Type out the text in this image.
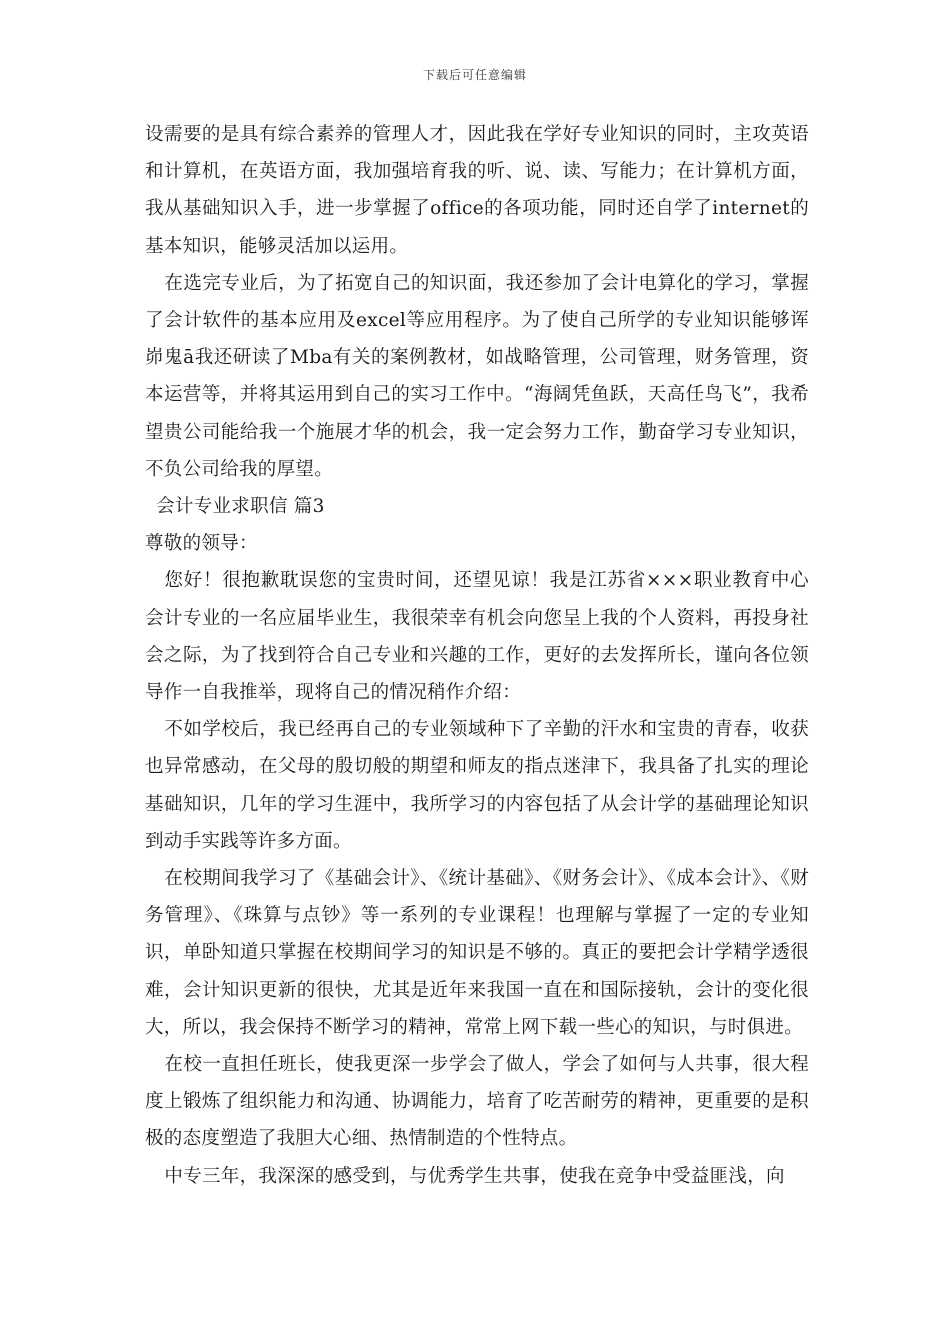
下载后可任意编辑

设需要的是具有综合素养的管理人才，因此我在学好专业知识的同时，主攻英语和计算机，在英语方面，我加强培育我的听、说、读、写能力；在计算机方面，我从基础知识入手，进一步掌握了office的各项功能，同时还自学了internet的基本知识，能够灵活加以运用。

在选完专业后，为了拓宽自己的知识面，我还参加了会计电算化的学习，掌握了会计软件的基本应用及excel等应用程序。为了使自己所学的专业知识能够诨峁鬼ā我还研读了Mba有关的案例教材，如战略管理，公司管理，财务管理，资本运营等，并将其运用到自己的实习工作中。“海阔凭鱼跃，天高任鸟飞”，我希望贵公司能给我一个施展才华的机会，我一定会努力工作，勤奋学习专业知识，不负公司给我的厚望。

会计专业求职信 篇3

尊敬的领导：

您好！很抱歉耽误您的宝贵时间，还望见谅！我是江苏省×××职业教育中心会计专业的一名应届毕业生，我很荣幸有机会向您呈上我的个人资料，再投身社会之际，为了找到符合自己专业和兴趣的工作，更好的去发挥所长，谨向各位领导作一自我推举，现将自己的情况稍作介绍：

不如学校后，我已经再自己的专业领域种下了辛勤的汗水和宝贵的青春，收获也异常感动，在父母的殷切般的期望和师友的指点迷津下，我具备了扎实的理论基础知识，几年的学习生涯中，我所学习的内容包括了从会计学的基础理论知识到动手实践等许多方面。

在校期间我学习了《基础会计》、《统计基础》、《财务会计》、《成本会计》、《财务管理》、《珠算与点钞》等一系列的专业课程！也理解与掌握了一定的专业知识，单卧知道只掌握在校期间学习的知识是不够的。真正的要把会计学精学透很难，会计知识更新的很快，尤其是近年来我国一直在和国际接轨，会计的变化很大，所以，我会保持不断学习的精神，常常上网下载一些心的知识，与时俱进。

在校一直担任班长，使我更深一步学会了做人，学会了如何与人共事，很大程度上锻炼了组织能力和沟通、协调能力，培育了吃苦耐劳的精神，更重要的是积极的态度塑造了我胆大心细、热情制造的个性特点。

中专三年，我深深的感受到，与优秀学生共事，使我在竞争中受益匪浅，向
